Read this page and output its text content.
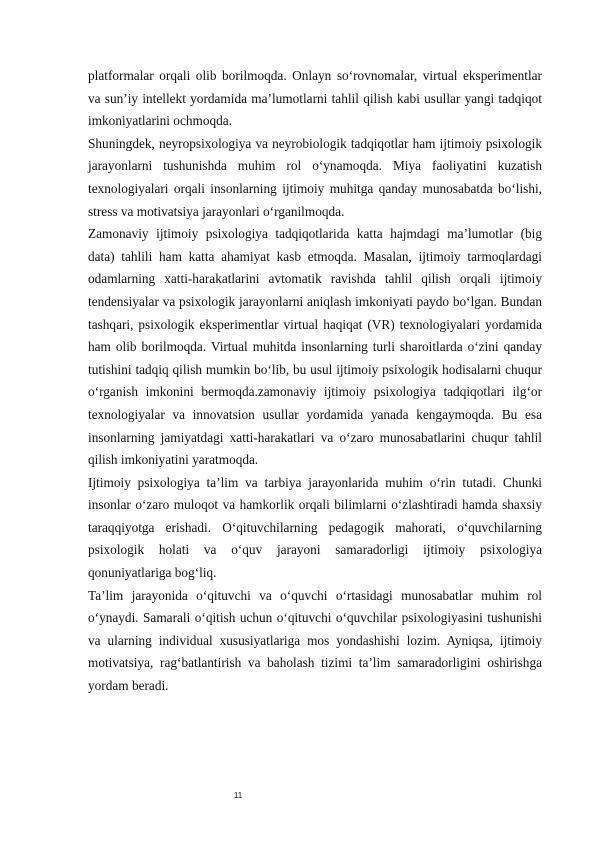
platformalar orqali olib borilmoqda. Onlayn so‘rovnomalar, virtual eksperimentlar va sun’iy intellekt yordamida ma’lumotlarni tahlil qilish kabi usullar yangi tadqiqot imkoniyatlarini ochmoqda.

Shuningdek, neyropsixologiya va neyrobiologik tadqiqotlar ham ijtimoiy psixologik jarayonlarni tushunishda muhim rol o‘ynamoqda. Miya faoliyatini kuzatish texnologiyalari orqali insonlarning ijtimoiy muhitga qanday munosabatda bo‘lishi, stress va motivatsiya jarayonlari o‘rganilmoqda.

Zamonaviy ijtimoiy psixologiya tadqiqotlarida katta hajmdagi ma’lumotlar (big data) tahlili ham katta ahamiyat kasb etmoqda. Masalan, ijtimoiy tarmoqlardagi odamlarning xatti-harakatlarini avtomatik ravishda tahlil qilish orqali ijtimoiy tendensiyalar va psixologik jarayonlarni aniqlash imkoniyati paydo bo‘lgan. Bundan tashqari, psixologik eksperimentlar virtual haqiqat (VR) texnologiyalari yordamida ham olib borilmoqda. Virtual muhitda insonlarning turli sharoitlarda o‘zini qanday tutishini tadqiq qilish mumkin bo‘lib, bu usul ijtimoiy psixologik hodisalarni chuqur o‘rganish imkonini bermoqda.zamonaviy ijtimoiy psixologiya tadqiqotlari ilg‘or texnologiyalar va innovatsion usullar yordamida yanada kengaymoqda. Bu esa insonlarning jamiyatdagi xatti-harakatlari va o‘zaro munosabatlarini chuqur tahlil qilish imkoniyatini yaratmoqda.

Ijtimoiy psixologiya ta’lim va tarbiya jarayonlarida muhim o‘rin tutadi. Chunki insonlar o‘zaro muloqot va hamkorlik orqali bilimlarni o‘zlashtiradi hamda shaxsiy taraqqiyotga erishadi. O‘qituvchilarning pedagogik mahorati, o‘quvchilarning psixologik holati va o‘quv jarayoni samaradorligi ijtimoiy psixologiya qonuniyatlariga bog‘liq.

Ta’lim jarayonida o‘qituvchi va o‘quvchi o‘rtasidagi munosabatlar muhim rol o‘ynaydi. Samarali o‘qitish uchun o‘qituvchi o‘quvchilar psixologiyasini tushunishi va ularning individual xususiyatlariga mos yondashishi lozim. Ayniqsa, ijtimoiy motivatsiya, rag‘batlantirish va baholash tizimi ta’lim samaradorligini oshirishga yordam beradi.

11
